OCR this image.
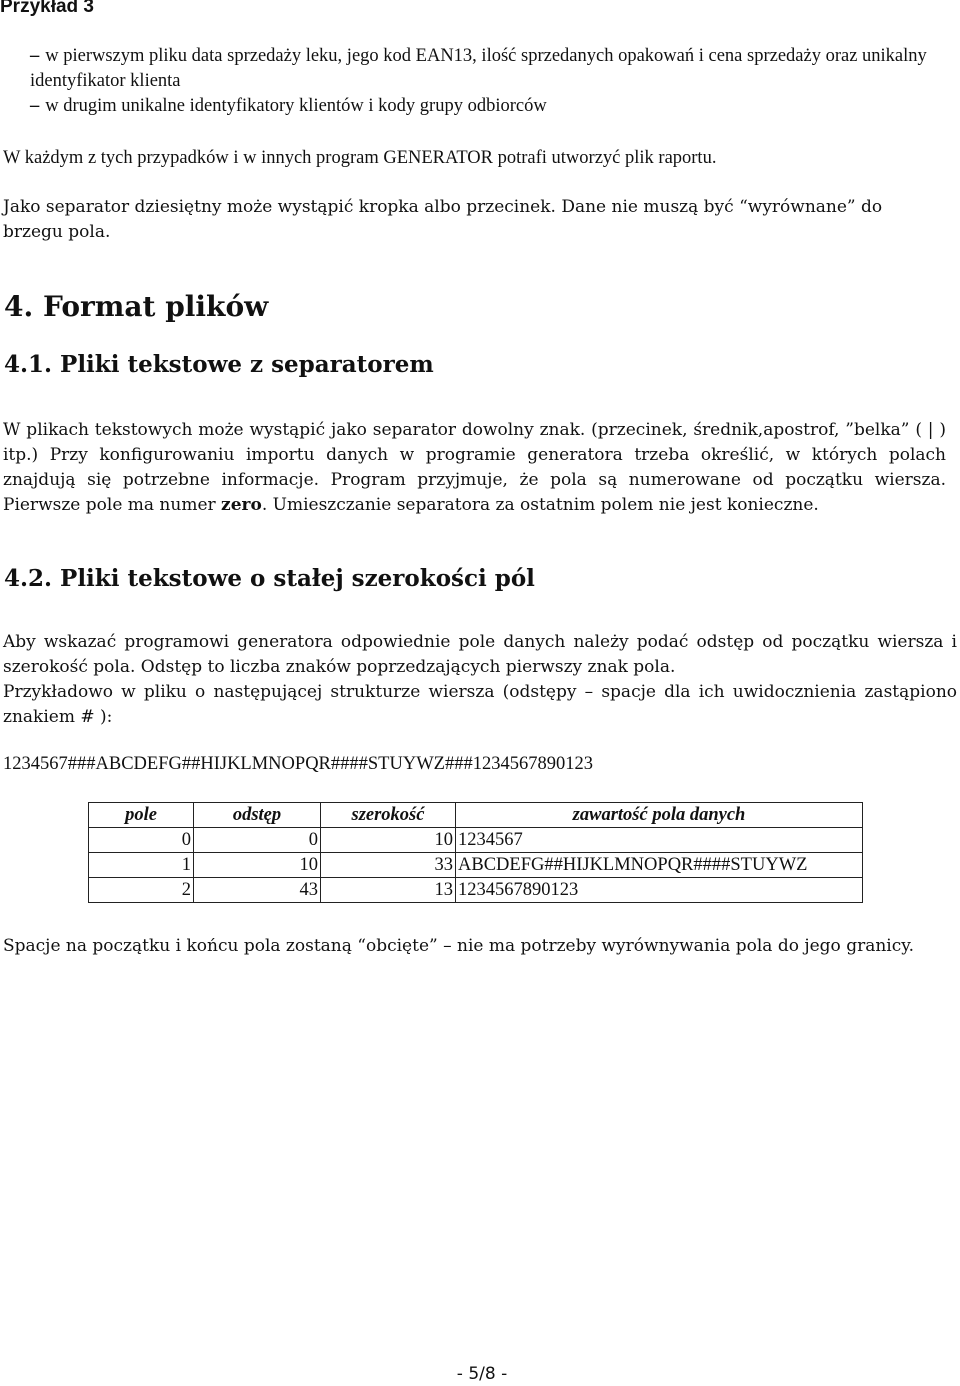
Przykład 3
– w pierwszym pliku data sprzedaży leku, jego kod EAN13, ilość sprzedanych opakowań i cena sprzedaży oraz unikalny identyfikator klienta
– w drugim unikalne identyfikatory klientów i kody grupy odbiorców

W każdym z tych przypadków i w innych program GENERATOR potrafi utworzyć plik raportu.

Jako separator dziesiętny może wystąpić kropka albo przecinek. Dane nie muszą być “wyrównane” do brzegu pola.

4. Format plików
4.1. Pliki tekstowe z separatorem

W plikach tekstowych może wystąpić jako separator dowolny znak. (przecinek, średnik,apostrof, ”belka” ( | ) itp.) Przy konfigurowaniu importu danych w programie generatora trzeba określić, w których polach znajdują się potrzebne informacje. Program przyjmuje, że pola są numerowane od początku wiersza. Pierwsze pole ma numer zero. Umieszczanie separatora za ostatnim polem nie jest konieczne.

4.2. Pliki tekstowe o stałej szerokości pól

Aby wskazać programowi generatora odpowiednie pole danych należy podać odstęp od początku wiersza i szerokość pola. Odstęp to liczba znaków poprzedzających pierwszy znak pola.

Przykładowo w pliku o następującej strukturze wiersza (odstępy – spacje dla ich uwidocznienia zastąpiono znakiem # ):

1234567###ABCDEFG##HIJKLMNOPQR####STUYWZ###1234567890123

pole	odstęp	szerokość	zawartość pola danych
0	0	10	1234567
1	10	33	ABCDEFG##HIJKLMNOPQR####STUYWZ
2	43	13	1234567890123

Spacje na początku i końcu pola zostaną “obcięte” – nie ma potrzeby wyrównywania pola do jego granicy.

- 5/8 -
